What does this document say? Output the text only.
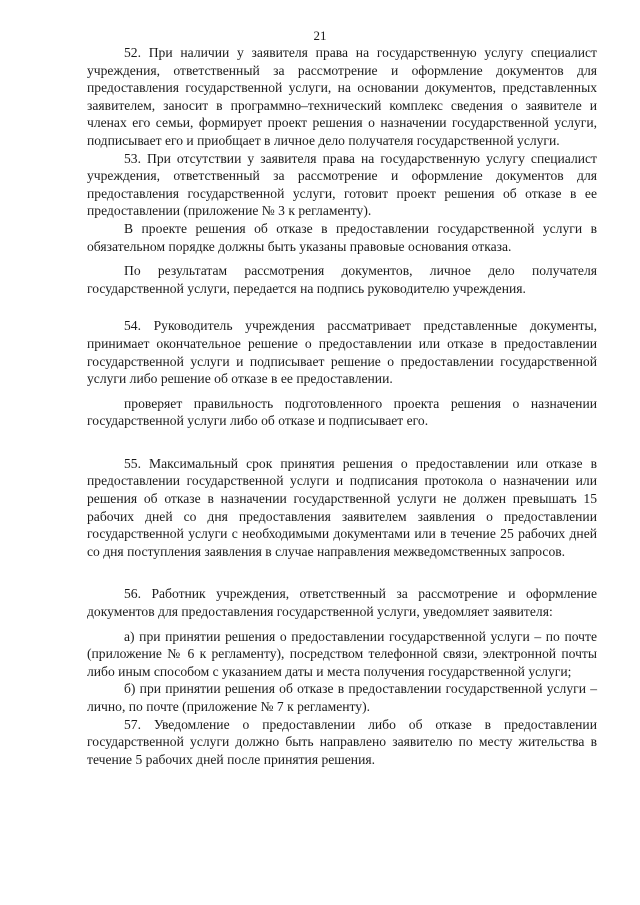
21

52. При наличии у заявителя права на государственную услугу специалист учреждения, ответственный за рассмотрение и оформление документов для предоставления государственной услуги, на основании документов, представленных заявителем, заносит в программно–технический комплекс сведения о заявителе и членах его семьи, формирует проект решения о назначении государственной услуги, подписывает его и приобщает в личное дело получателя государственной услуги.

53. При отсутствии у заявителя права на государственную услугу специалист учреждения, ответственный за рассмотрение и оформление документов для предоставления государственной услуги, готовит проект решения об отказе в ее предоставлении (приложение № 3 к регламенту).

В проекте решения об отказе в предоставлении государственной услуги в обязательном порядке должны быть указаны правовые основания отказа.

По результатам рассмотрения документов, личное дело получателя государственной услуги, передается на подпись руководителю учреждения.

54. Руководитель учреждения рассматривает представленные документы, принимает окончательное решение о предоставлении или отказе в предоставлении государственной услуги и подписывает решение о предоставлении государственной услуги либо решение об отказе в ее предоставлении.

проверяет правильность подготовленного проекта решения о назначении государственной услуги либо об отказе и подписывает его.

55. Максимальный срок принятия решения о предоставлении или отказе в предоставлении государственной услуги и подписания протокола о назначении или решения об отказе в назначении государственной услуги не должен превышать 15 рабочих дней со дня предоставления заявителем заявления о предоставлении государственной услуги с необходимыми документами или в течение 25 рабочих дней со дня поступления заявления в случае направления межведомственных запросов.

56. Работник учреждения, ответственный за рассмотрение и оформление документов для предоставления государственной услуги, уведомляет заявителя:

а) при принятии решения о предоставлении государственной услуги – по почте (приложение № 6 к регламенту), посредством телефонной связи, электронной почты либо иным способом с указанием даты и места получения государственной услуги;

б) при принятии решения об отказе в предоставлении государственной услуги – лично, по почте (приложение № 7 к регламенту).

57. Уведомление о предоставлении либо об отказе в предоставлении государственной услуги должно быть направлено заявителю по месту жительства в течение 5 рабочих дней после принятия решения.
